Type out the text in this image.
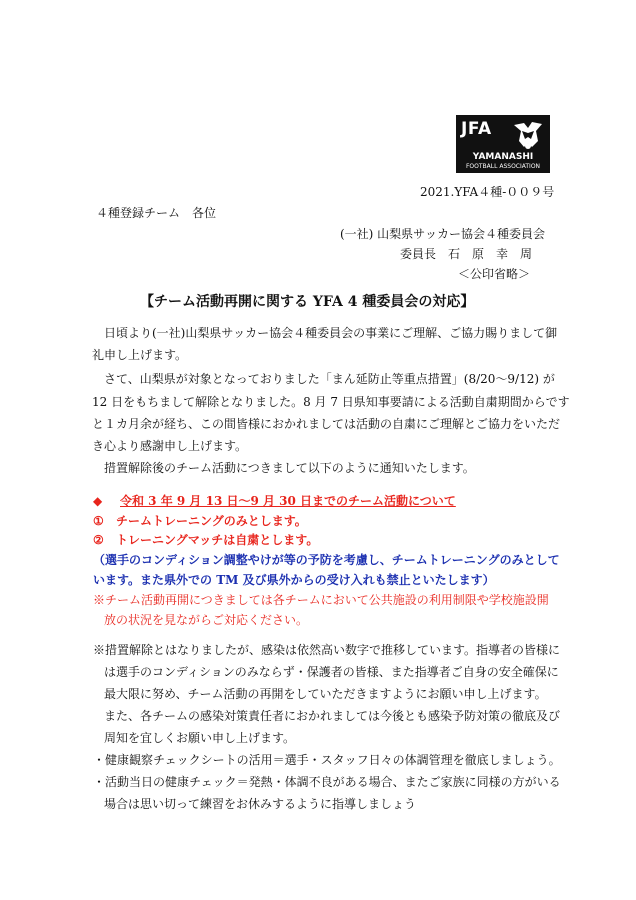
JFA
YAMANASHI
FOOTBALL ASSOCIATION
2021.YFA４種-００９号
４種登録チーム　各位
(一社) 山梨県サッカー協会４種委員会
委員長　石　原　幸　周
＜公印省略＞
【チーム活動再開に関する YFA 4 種委員会の対応】
日頃より(一社)山梨県サッカー協会４種委員会の事業にご理解、ご協力賜りまして御
礼申し上げます。
さて、山梨県が対象となっておりました「まん延防止等重点措置」(8/20～9/12) が
12 日をもちまして解除となりました。8 月 7 日県知事要請による活動自粛期間からです
と１カ月余が経ち、この間皆様におかれましては活動の自粛にご理解とご協力をいただ
き心より感謝申し上げます。
措置解除後のチーム活動につきまして以下のように通知いたします。
◆ 令和 3 年 9 月 13 日～9 月 30 日までのチーム活動について
① チームトレーニングのみとします。
② トレーニングマッチは自粛とします。
（選手のコンディション調整やけが等の予防を考慮し、チームトレーニングのみとして
います。また県外での TM 及び県外からの受け入れも禁止といたします）
※チーム活動再開につきましては各チームにおいて公共施設の利用制限や学校施設開
放の状況を見ながらご対応ください。
※措置解除とはなりましたが、感染は依然高い数字で推移しています。指導者の皆様に
は選手のコンディションのみならず・保護者の皆様、また指導者ご自身の安全確保に
最大限に努め、チーム活動の再開をしていただきますようにお願い申し上げます。
また、各チームの感染対策責任者におかれましては今後とも感染予防対策の徹底及び
周知を宜しくお願い申し上げます。
・健康観察チェックシートの活用＝選手・スタッフ日々の体調管理を徹底しましょう。
・活動当日の健康チェック＝発熱・体調不良がある場合、またご家族に同様の方がいる
場合は思い切って練習をお休みするように指導しましょう
